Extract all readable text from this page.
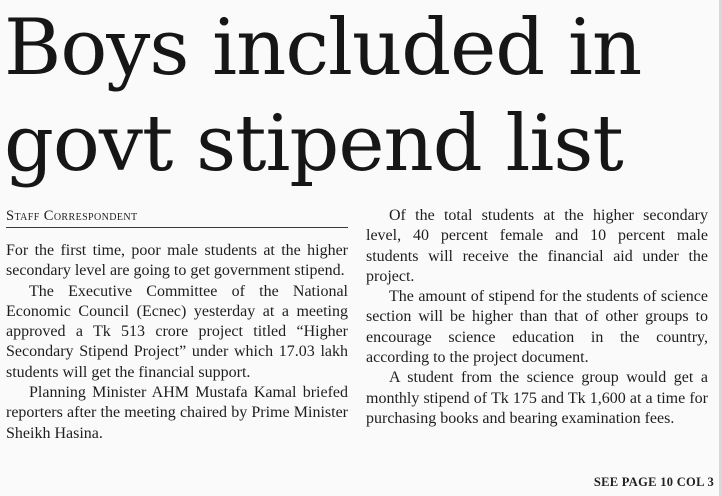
Boys included in
govt stipend list
Staff Correspondent

For the first time, poor male students at the higher secondary level are going to get government stipend.

The Executive Committee of the National Economic Council (Ecnec) yesterday at a meeting approved a Tk 513 crore project titled “Higher Secondary Stipend Project” under which 17.03 lakh students will get the financial support.

Planning Minister AHM Mustafa Kamal briefed reporters after the meeting chaired by Prime Minister Sheikh Hasina.

Of the total students at the higher secondary level, 40 percent female and 10 percent male students will receive the financial aid under the project.

The amount of stipend for the students of science section will be higher than that of other groups to encourage science education in the country, according to the project document.

A student from the science group would get a monthly stipend of Tk 175 and Tk 1,600 at a time for purchasing books and bearing examination fees.

SEE PAGE 10 COL 3
